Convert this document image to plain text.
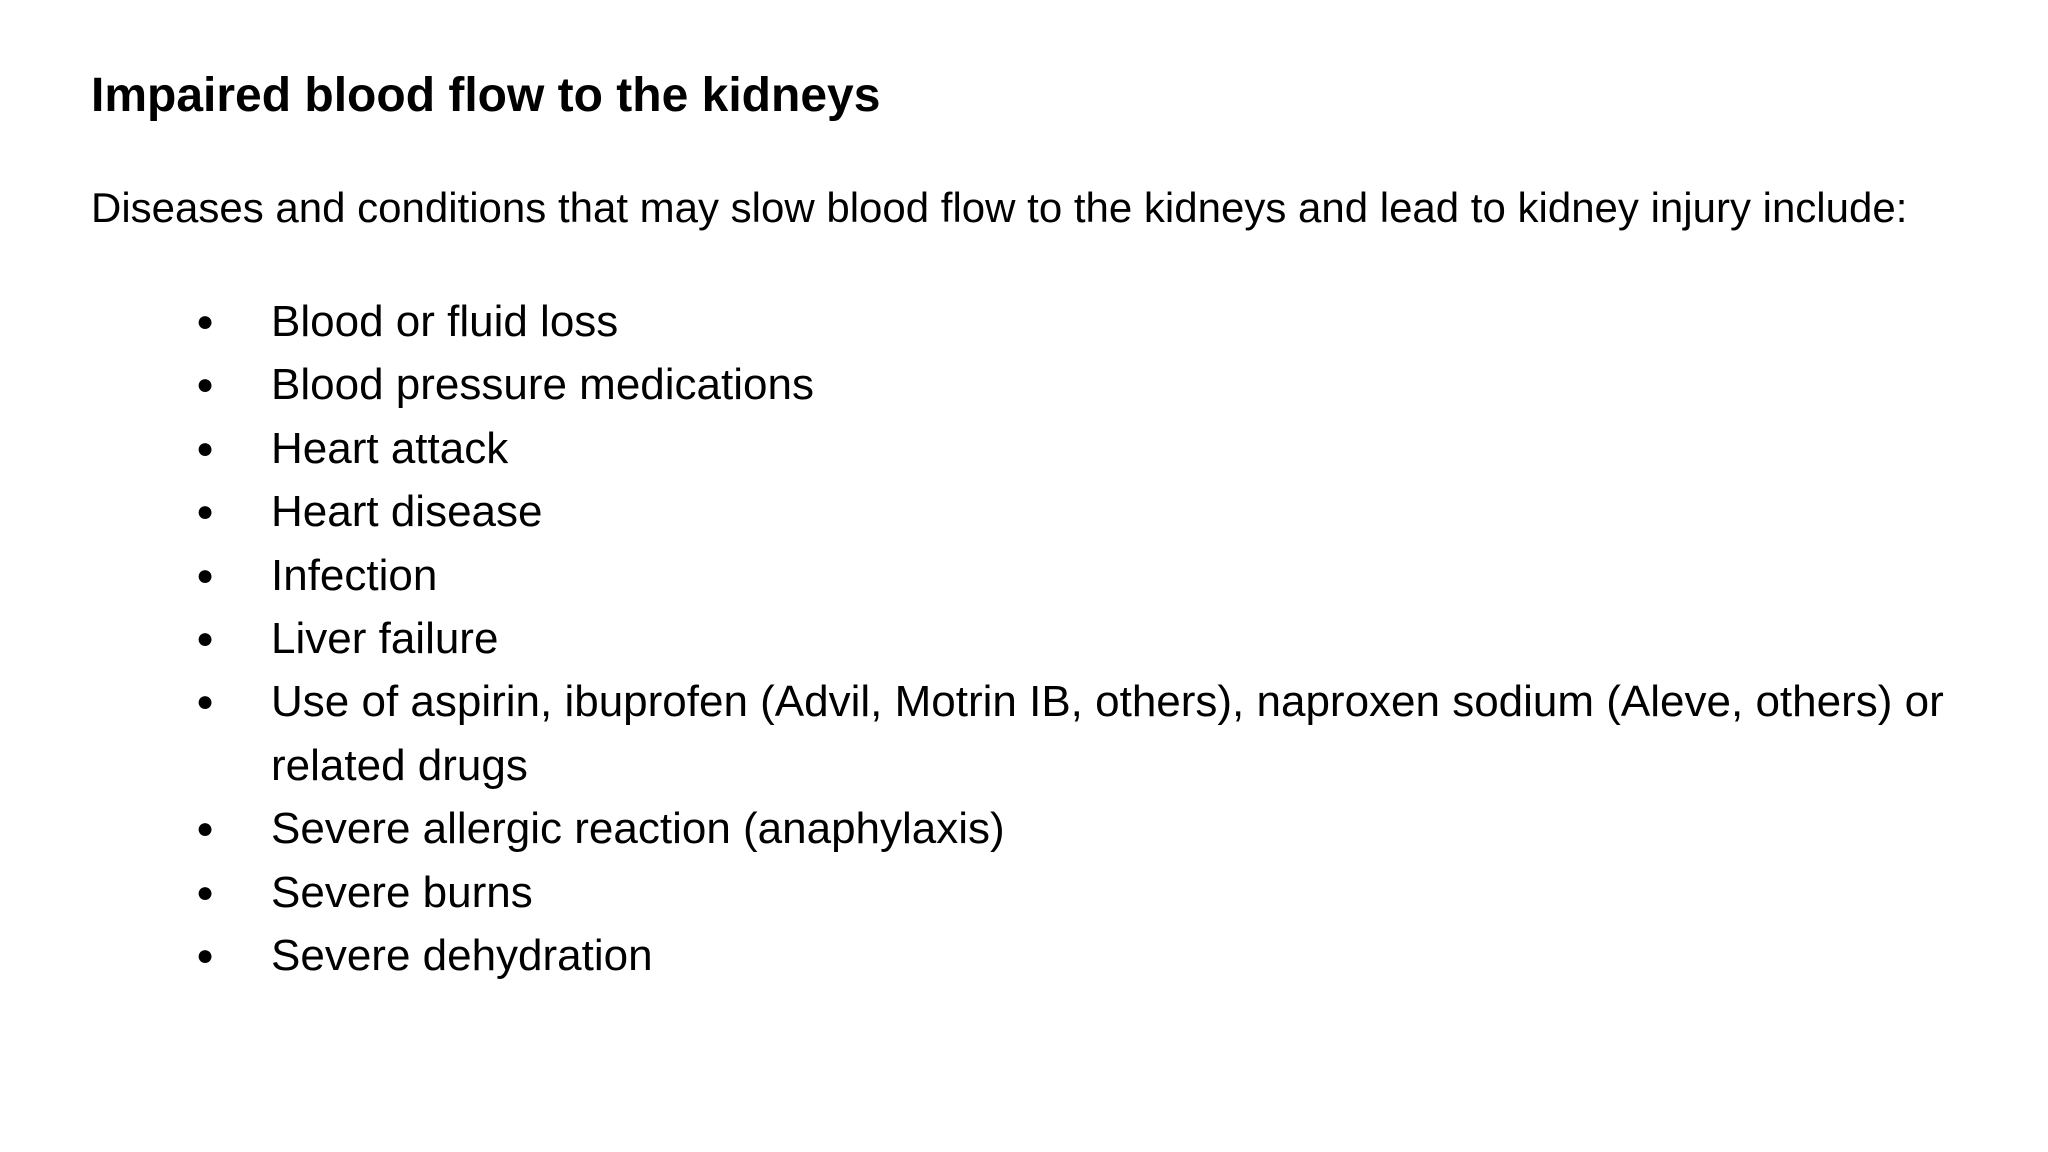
Impaired blood flow to the kidneys

Diseases and conditions that may slow blood flow to the kidneys and lead to kidney injury include:

● Blood or fluid loss
● Blood pressure medications
● Heart attack
● Heart disease
● Infection
● Liver failure
● Use of aspirin, ibuprofen (Advil, Motrin IB, others), naproxen sodium (Aleve, others) or related drugs
● Severe allergic reaction (anaphylaxis)
● Severe burns
● Severe dehydration
